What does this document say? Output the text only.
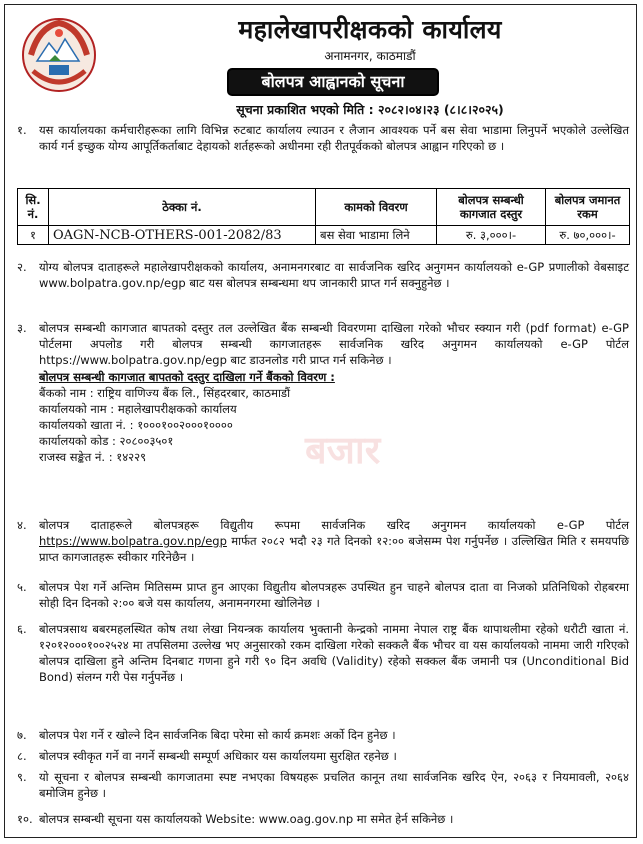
महालेखापरीक्षकको कार्यालय
अनामनगर, काठमाडौं
बोलपत्र आह्वानको सूचना
सूचना प्रकाशित भएको मिति : २०८२।०४।२३ (८।८।२०२५)
१.	यस कार्यालयका कर्मचारीहरूका लागि विभिन्न रुटबाट कार्यालय ल्याउन र लैजान आवश्यक पर्ने बस सेवा भाडामा लिनुपर्ने भएकोले उल्लेखित कार्य गर्न इच्छुक योग्य आपूर्तिकर्ताबाट देहायको शर्तहरूको अधीनमा रही रीतपूर्वकको बोलपत्र आह्वान गरिएको छ ।
सि. नं.	ठेक्का नं.	कामको विवरण	बोलपत्र सम्बन्धी कागजात दस्तुर	बोलपत्र जमानत रकम
१	OAGN-NCB-OTHERS-001-2082/83	बस सेवा भाडामा लिने	रु. ३,०००।-	रु. ७०,०००।-
२.	योग्य बोलपत्र दाताहरूले महालेखापरीक्षकको कार्यालय, अनामनगरबाट वा सार्वजनिक खरिद अनुगमन कार्यालयको e-GP प्रणालीको वेबसाइट www.bolpatra.gov.np/egp बाट यस बोलपत्र सम्बन्धमा थप जानकारी प्राप्त गर्न सक्नुहुनेछ ।
३.	बोलपत्र सम्बन्धी कागजात बापतको दस्तुर तल उल्लेखित बैंक सम्बन्धी विवरणमा दाखिला गरेको भौचर स्क्यान गरी (pdf format) e-GP पोर्टलमा अपलोड गरी बोलपत्र सम्बन्धी कागजातहरू सार्वजनिक खरिद अनुगमन कार्यालयको e-GP पोर्टल https://www.bolpatra.gov.np/egp बाट डाउनलोड गरी प्राप्त गर्न सकिनेछ ।
बोलपत्र सम्बन्धी कागजात बापतको दस्तुर दाखिला गर्ने बैंकको विवरण :
बैंकको नाम : राष्ट्रिय वाणिज्य बैंक लि., सिंहदरबार, काठमाडौं
कार्यालयको नाम : महालेखापरीक्षकको कार्यालय
कार्यालयको खाता नं. : १०००१००२०००१००००
कार्यालयको कोड : २०८००३५०१
राजस्व सङ्केत नं. : १४२२९	बजार
४.	बोलपत्र दाताहरूले बोलपत्रहरू विद्युतीय रूपमा सार्वजनिक खरिद अनुगमन कार्यालयको e-GP पोर्टल https://www.bolpatra.gov.np/egp मार्फत २०८२ भदौ २३ गते दिनको १२:०० बजेसम्म पेश गर्नुपर्नेछ । उल्लिखित मिति र समयपछि प्राप्त कागजातहरू स्वीकार गरिनेछैन ।
५.	बोलपत्र पेश गर्ने अन्तिम मितिसम्म प्राप्त हुन आएका विद्युतीय बोलपत्रहरू उपस्थित हुन चाहने बोलपत्र दाता वा निजको प्रतिनिधिको रोहबरमा सोही दिन दिनको २:०० बजे यस कार्यालय, अनामनगरमा खोलिनेछ ।
६.	बोलपत्रसाथ बबरमहलस्थित कोष तथा लेखा नियन्त्रक कार्यालय भुक्तानी केन्द्रको नाममा नेपाल राष्ट्र बैंक थापाथलीमा रहेको धरौटी खाता नं. १२०१२०००१००२५२४ मा तपसिलमा उल्लेख भए अनुसारको रकम दाखिला गरेको सक्कलै बैंक भौचर वा यस कार्यालयको नाममा जारी गरिएको बोलपत्र दाखिला हुने अन्तिम दिनबाट गणना हुने गरी ९० दिन अवधि (Validity) रहेको सक्कल बैंक जमानी पत्र (Unconditional Bid Bond) संलग्न गरी पेस गर्नुपर्नेछ ।
७.	बोलपत्र पेश गर्ने र खोल्ने दिन सार्वजनिक बिदा परेमा सो कार्य क्रमशः अर्को दिन हुनेछ ।
८.	बोलपत्र स्वीकृत गर्ने वा नगर्ने सम्बन्धी सम्पूर्ण अधिकार यस कार्यालयमा सुरक्षित रहनेछ ।
९.	यो सूचना र बोलपत्र सम्बन्धी कागजातमा स्पष्ट नभएका विषयहरू प्रचलित कानून तथा सार्वजनिक खरिद ऐन, २०६३ र नियमावली, २०६४ बमोजिम हुनेछ ।
१०. बोलपत्र सम्बन्धी सूचना यस कार्यालयको Website: www.oag.gov.np मा समेत हेर्न सकिनेछ ।
